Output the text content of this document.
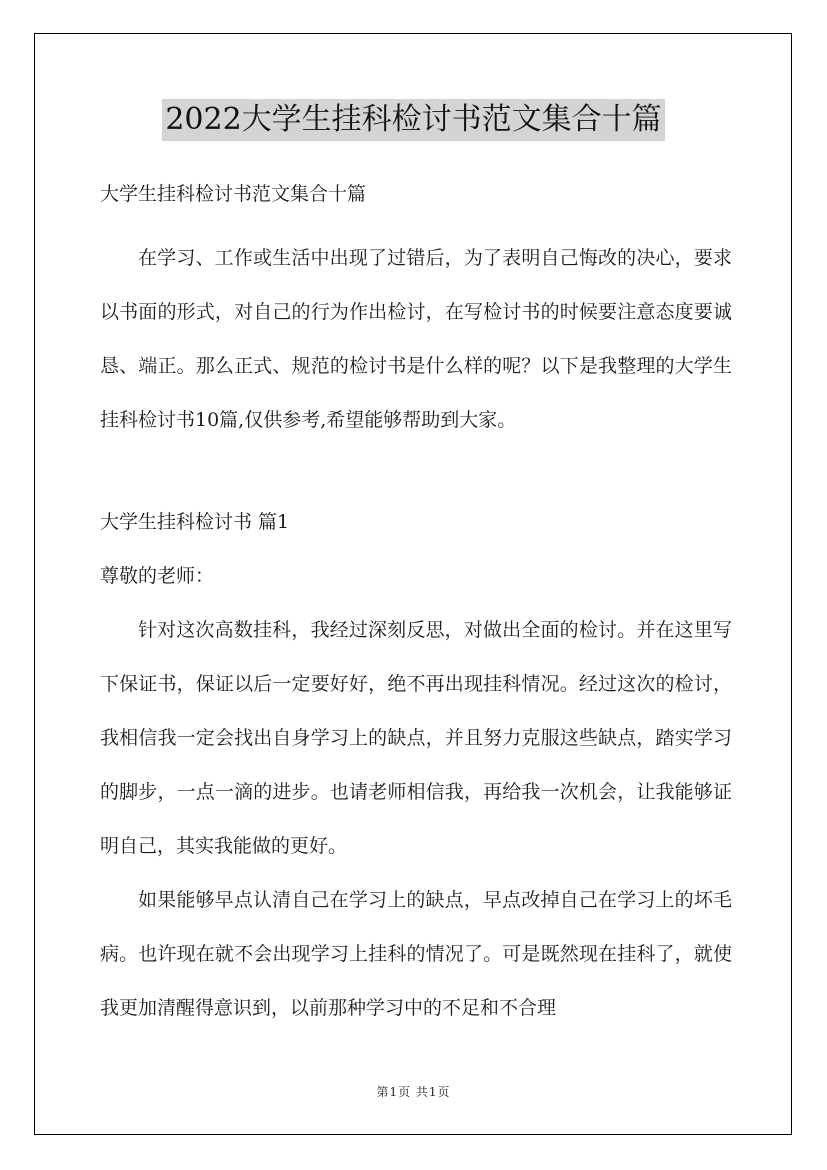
2022大学生挂科检讨书范文集合十篇

大学生挂科检讨书范文集合十篇

在学习、工作或生活中出现了过错后，为了表明自己悔改的决心，要求以书面的形式，对自己的行为作出检讨，在写检讨书的时候要注意态度要诚恳、端正。那么正式、规范的检讨书是什么样的呢？以下是我整理的大学生挂科检讨书10篇,仅供参考,希望能够帮助到大家。

大学生挂科检讨书 篇1

尊敬的老师：

针对这次高数挂科，我经过深刻反思，对做出全面的检讨。并在这里写下保证书，保证以后一定要好好，绝不再出现挂科情况。经过这次的检讨，我相信我一定会找出自身学习上的缺点，并且努力克服这些缺点，踏实学习的脚步，一点一滴的进步。也请老师相信我，再给我一次机会，让我能够证明自己，其实我能做的更好。

如果能够早点认清自己在学习上的缺点，早点改掉自己在学习上的坏毛病。也许现在就不会出现学习上挂科的情况了。可是既然现在挂科了，就使我更加清醒得意识到，以前那种学习中的不足和不合理

第1页 共1页
